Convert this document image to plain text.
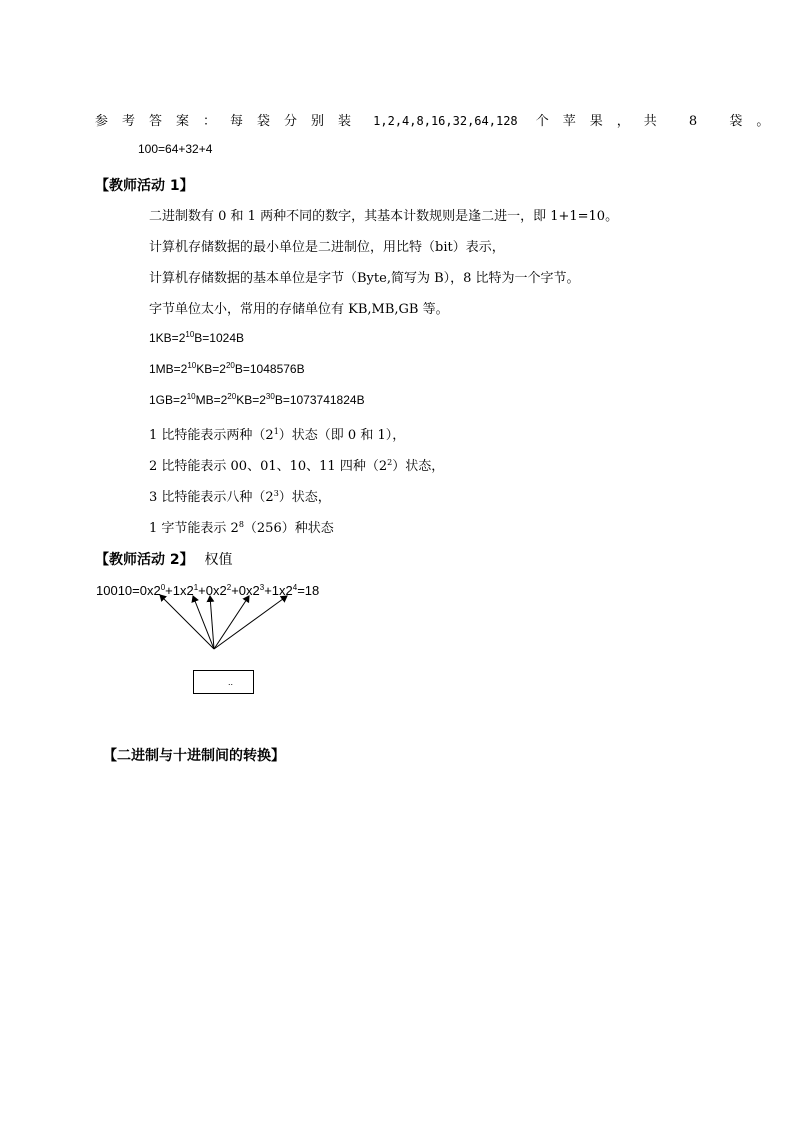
参考答案：每袋分别装 1,2,4,8,16,32,64,128 个苹果，共 8 袋。
100=64+32+4
【教师活动 1】
二进制数有 0 和 1 两种不同的数字，其基本计数规则是逢二进一，即 1+1=10。
计算机存储数据的最小单位是二进制位，用比特（bit）表示，
计算机存储数据的基本单位是字节（Byte,简写为 B），8 比特为一个字节。
字节单位太小，常用的存储单位有 KB,MB,GB 等。
$1KB=2^{10}B=1024B$
$1MB=2^{10}KB=2^{20}B=1048576B$
$1GB=2^{10}MB=2^{20}KB=2^{30}B=1073741824B$
1 比特能表示两种$(2^1)$状态（即 0 和 1），
2 比特能表示 00、01、10、11 四种$(2^2)$状态，
3 比特能表示八种$(2^3)$状态，
1 字节能表示 $2^8(256)$种状态
【教师活动 2】 权值
$10010=0x2^0+1x2^1+0x2^2+0x2^3+1x2^4=18$
..
【二进制与十进制间的转换】
